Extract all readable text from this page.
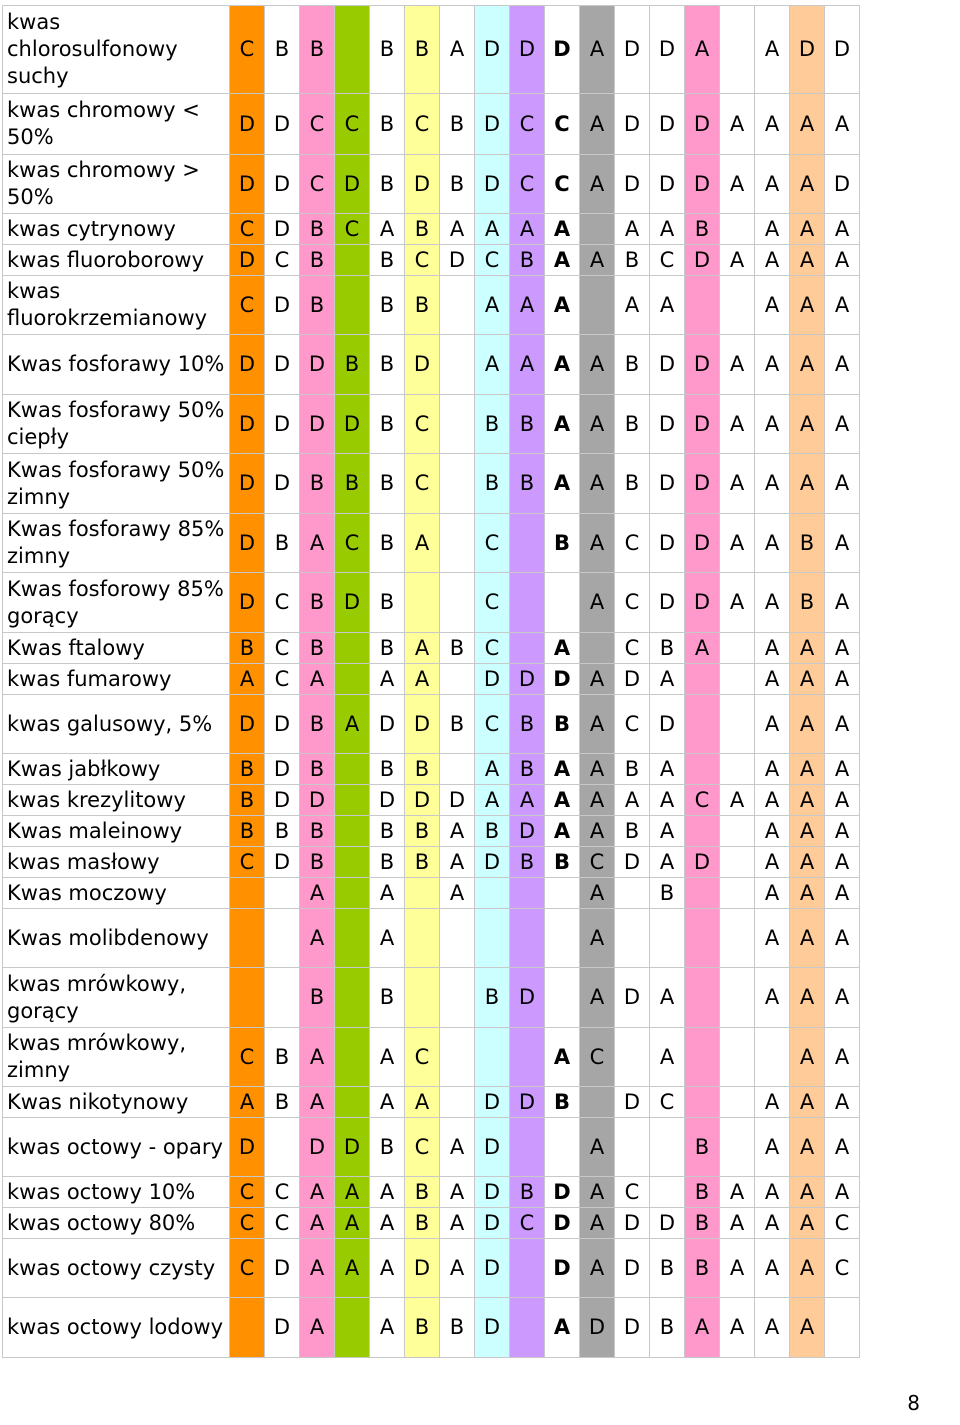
kwas chlorosulfonowy suchy	C	B	B		B	B	A	D	D	D	A	D	D	A		A	D	D
kwas chromowy < 50%	D	D	C	C	B	C	B	D	C	C	A	D	D	D	A	A	A	A
kwas chromowy > 50%	D	D	C	D	B	D	B	D	C	C	A	D	D	D	A	A	A	D
kwas cytrynowy	C	D	B	C	A	B	A	A	A	A		A	A	B		A	A	A
kwas fluoroborowy	D	C	B		B	C	D	C	B	A	A	B	C	D	A	A	A	A
kwas fluorokrzemianowy	C	D	B		B	B		A	A	A		A	A			A	A	A
Kwas fosforawy 10%	D	D	D	B	B	D		A	A	A	A	B	D	D	A	A	A	A
Kwas fosforawy 50% ciepły	D	D	D	D	B	C		B	B	A	A	B	D	D	A	A	A	A
Kwas fosforawy 50% zimny	D	D	B	B	B	C		B	B	A	A	B	D	D	A	A	A	A
Kwas fosforawy 85% zimny	D	B	A	C	B	A		C		B	A	C	D	D	A	A	B	A
Kwas fosforowy 85% gorący	D	C	B	D	B			C			A	C	D	D	A	A	B	A
Kwas ftalowy	B	C	B		B	A	B	C		A		C	B	A		A	A	A
kwas fumarowy	A	C	A		A	A		D	D	D	A	D	A			A	A	A
kwas galusowy, 5%	D	D	B	A	D	D	B	C	B	B	A	C	D			A	A	A
Kwas jabłkowy	B	D	B		B	B		A	B	A	A	B	A			A	A	A
kwas krezylitowy	B	D	D		D	D	D	A	A	A	A	A	A	C	A	A	A	A
Kwas maleinowy	B	B	B		B	B	A	B	D	A	A	B	A			A	A	A
kwas masłowy	C	D	B		B	B	A	D	B	B	C	D	A	D		A	A	A
Kwas moczowy			A		A		A				A		B			A	A	A
Kwas molibdenowy			A		A						A					A	A	A
kwas mrówkowy, gorący			B		B			B	D		A	D	A			A	A	A
kwas mrówkowy, zimny	C	B	A		A	C				A	C		A				A	A
Kwas nikotynowy	A	B	A		A	A		D	D	B		D	C			A	A	A
kwas octowy - opary	D		D	D	B	C	A	D			A			B		A	A	A
kwas octowy 10%	C	C	A	A	A	B	A	D	B	D	A	C		B	A	A	A	A
kwas octowy 80%	C	C	A	A	A	B	A	D	C	D	A	D	D	B	A	A	A	C
kwas octowy czysty	C	D	A	A	A	D	A	D		D	A	D	B	B	A	A	A	C
kwas octowy lodowy		D	A		A	B	B	D		A	D	D	B	A	A	A	A	
8
